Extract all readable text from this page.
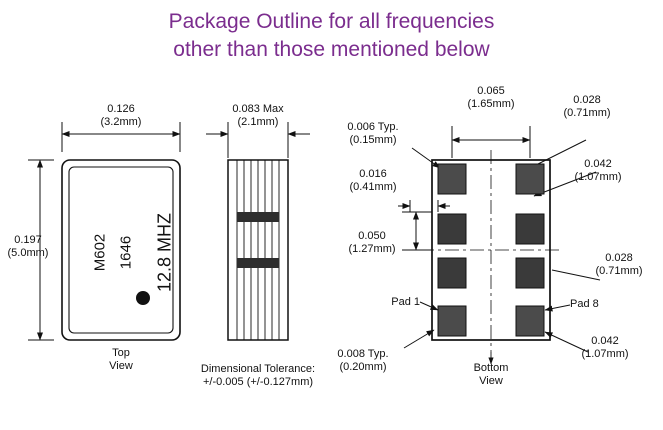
Package Outline for all frequencies
other than those mentioned below
M602 1646 12.8 MHZ
0.126
(3.2mm)
0.197
(5.0mm)
0.083 Max
(2.1mm)
Top
View	Dimensional Tolerance:
+/-0.005 (+/-0.127mm)
0.065
(1.65mm)
0.006 Typ.
(0.15mm)
0.016
(0.41mm)
0.050
(1.27mm)
0.008 Typ.
(0.20mm)
0.028
(0.71mm)
0.042
(1.07mm)
0.028
(0.71mm)
0.042
(1.07mm)
Pad 1	Pad 8
Bottom
View
